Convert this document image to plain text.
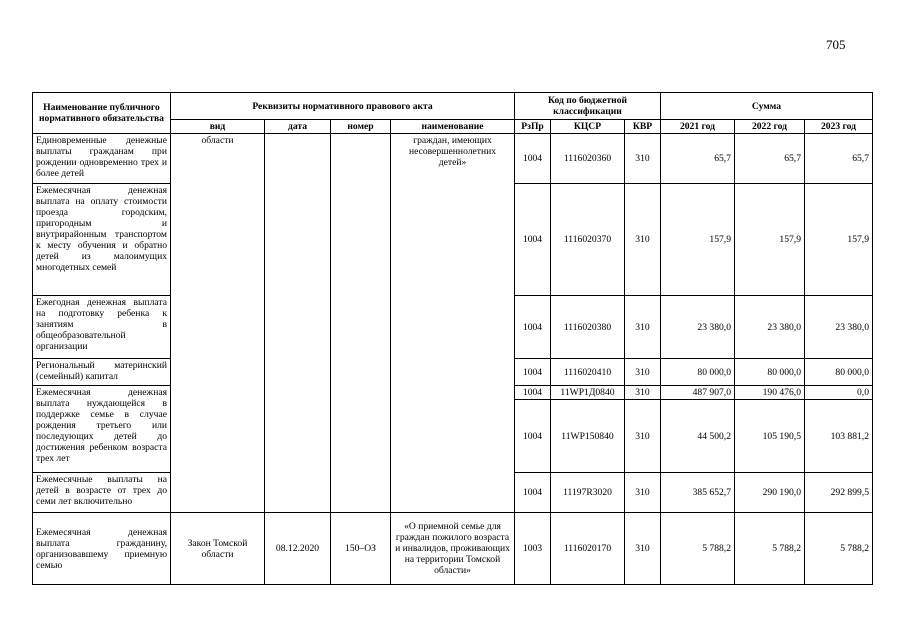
705
Наименование публичного нормативного обязательства	Реквизиты нормативного правового акта				Код по бюджетной классификации			Сумма		
	вид	дата	номер	наименование	РзПр	КЦСР	КВР	2021 год	2022 год	2023 год
Единовременные денежные выплаты гражданам при рождении одновременно трех и более детей	области			граждан, имеющих несовершеннолетних детей»	1004	1116020360	310	65,7	65,7	65,7
Ежемесячная денежная выплата на оплату стоимости проезда городским, пригородным и внутрирайонным транспортом к месту обучения и обратно детей из малоимущих многодетных семей					1004	1116020370	310	157,9	157,9	157,9
Ежегодная денежная выплата на подготовку ребенка к занятиям в общеобразовательной организации					1004	1116020380	310	23 380,0	23 380,0	23 380,0
Региональный материнский (семейный) капитал					1004	1116020410	310	80 000,0	80 000,0	80 000,0
Ежемесячная денежная выплата нуждающейся в поддержке семье в случае рождения третьего или последующих детей до достижения ребенком возраста трех лет					1004	11WP1Д0840	310	487 907,0	190 476,0	0,0
					1004	11WP150840	310	44 500,2	105 190,5	103 881,2
Ежемесячные выплаты на детей в возрасте от трех до семи лет включительно					1004	11197R3020	310	385 652,7	290 190,0	292 899,5
Ежемесячная денежная выплата гражданину, организовавшему приемную семью	Закон Томской области	08.12.2020	150–ОЗ	«О приемной семье для граждан пожилого возраста и инвалидов, проживающих на территории Томской области»	1003	1116020170	310	5 788,2	5 788,2	5 788,2
